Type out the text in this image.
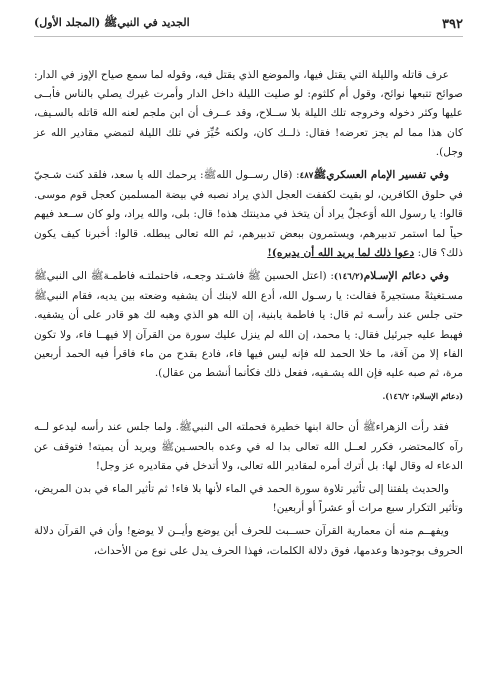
٣٩٢
الجديد في النبيﷺ (المجلد الأول)

عرف قاتله والليلة التي يقتل فيها، والموضع الذي يقتل فيه، وقوله لما سمع صياح الإوز في الدار: صوائح تتبعها نوائح، وقول أم كلثوم: لو صليت الليلة داخل الدار وأمرت غيرك يصلي بالناس فأبــى عليها وكثر دخوله وخروجه تلك الليلة بلا ســلاح، وقد عــرف أن ابن ملجم لعنه الله قاتله بالسـيف، كان هذا مما لم يجز تعرضه! فقال: ذلــك كان، ولكنه خُيِّرَ في تلك الليلة لتمضي مقادير الله عز وجل).

وفي تفسير الإمام العسكريﷺ٤٨٧: (قال رســول اللهﷺ: يرحمك الله يا سعد، فلقد كنت شـجيّ في حلوق الكافرين، لو بقيت لكففت العجل الذي يراد نصبه في بيضة المسلمين كعجل قوم موسى. قالوا: يا رسول الله أوَعجلٌ يراد أن يتخذ في مدينتك هذه! قال: بلى، والله يراد، ولو كان ســعد فيهم حياً لما استمر تدبيرهم، ويستمرون ببعض تدبيرهم، ثم الله تعالى يبطله. قالوا: أخبرنا كيف يكون ذلك؟ قال: دعوا ذلك لما يريد الله أن يدبره)!

وفي دعائم الإسـلام(١٤٦/٢): (اعتل الحسين ﷺ فاشـتد وجعـه، فاحتملتـه فاطمـةﷺ الى النبيﷺ مسـتغيثةً مستجيرةً فقالت: يا رسـول الله، أدع الله لابنك أن يشفيه وضعته بين يديه، فقام النبيﷺ حتى جلس عند رأسـه ثم قال: يا فاطمة يابنية، إن الله هو الذي وهبه لك هو قادر على أن يشفيه. فهبط عليه جبرئيل فقال: يا محمد، إن الله لم ينزل عليك سورة من القرآن إلا فيهــا فاء، ولا تكون الفاء إلا من آفة، ما خلا الحمد لله فإنه ليس فيها فاء، فادع بقدح من ماء فاقرأ فيه الحمد أربعين مرة، ثم صبه عليه فإن الله يشـفيه، ففعل ذلك فكأنما أنشط من عقال).

(دعائم الإسلام: ١٤٦/٢).

فقد رأت الزهراءﷺ أن حالة ابنها خطيرة فحملته الى النبيﷺ. ولما جلس عند رأسه ليدعو لــه رآه كالمحتضر، فكرر لعــل الله تعالى بدا له في وعده بالحسـينﷺ ويريد أن يميته! فتوقف عن الدعاء له وقال لها: بل أترك أمره لمقادير الله تعالى، ولا أتدخل في مقاديره عز وجل!

والحديث يلفتنا إلى تأثير تلاوة سورة الحمد في الماء لأنها بلا فاء! ثم تأثير الماء في بدن المريض، وتأثير التكرار سبع مرات أو عشراً أو أربعين!

ويفهــم منه أن معمارية القرآن حســبت للحرف أين يوضع وأيــن لا يوضع! وأن في القرآن دلالة الحروف بوجودها وعدمها، فوق دلالة الكلمات، فهذا الحرف يدل على نوع من الأحداث،
